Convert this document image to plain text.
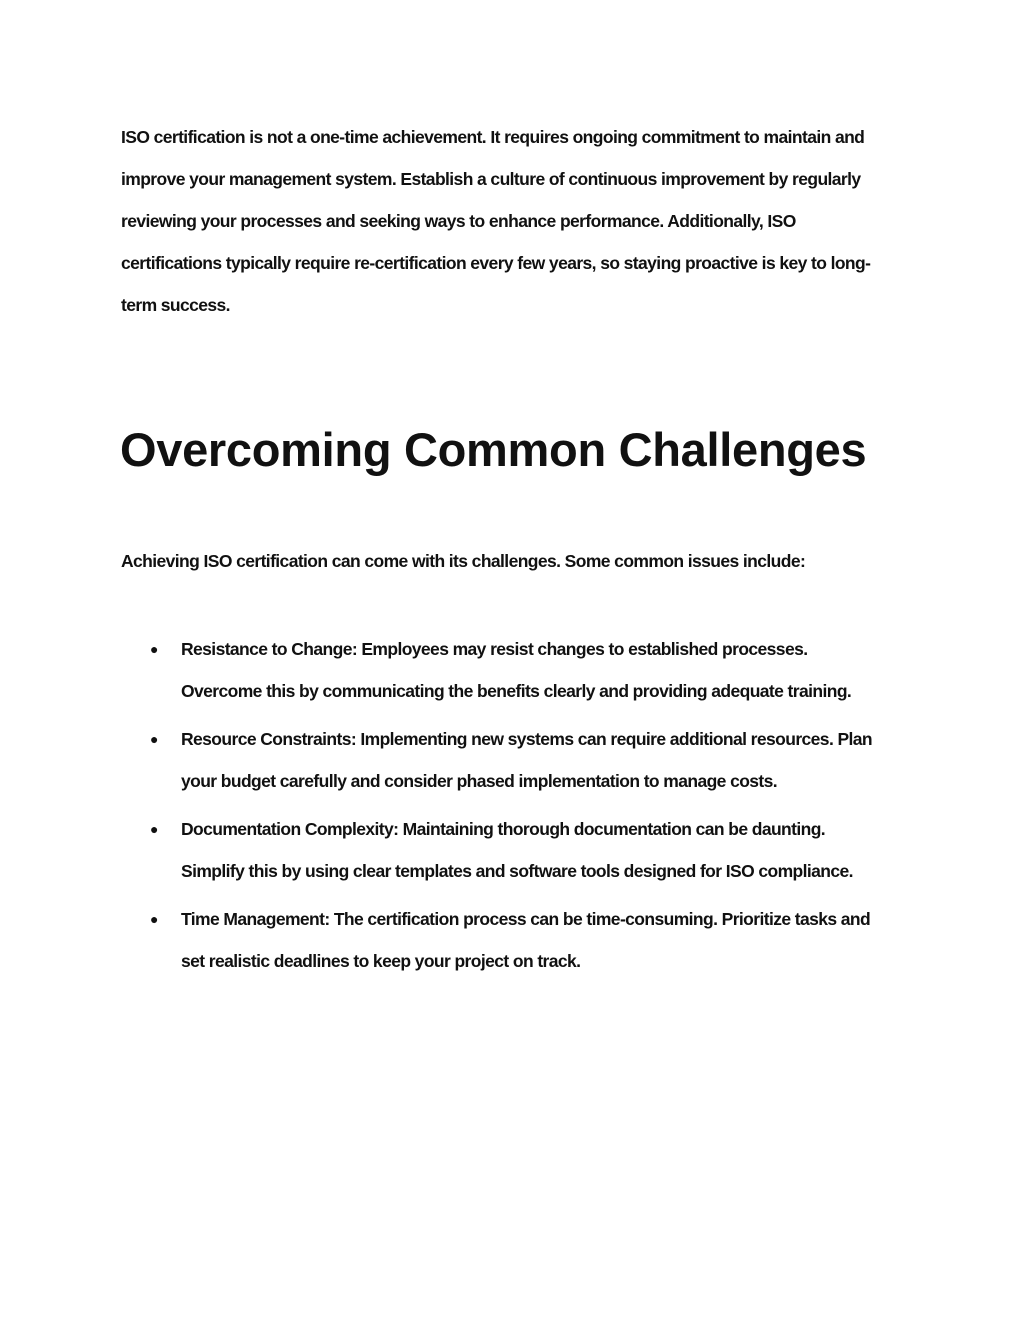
ISO certification is not a one-time achievement. It requires ongoing commitment to maintain and improve your management system. Establish a culture of continuous improvement by regularly reviewing your processes and seeking ways to enhance performance. Additionally, ISO certifications typically require re-certification every few years, so staying proactive is key to long-term success.

Overcoming Common Challenges

Achieving ISO certification can come with its challenges. Some common issues include:

● Resistance to Change: Employees may resist changes to established processes. Overcome this by communicating the benefits clearly and providing adequate training.
● Resource Constraints: Implementing new systems can require additional resources. Plan your budget carefully and consider phased implementation to manage costs.
● Documentation Complexity: Maintaining thorough documentation can be daunting. Simplify this by using clear templates and software tools designed for ISO compliance.
● Time Management: The certification process can be time-consuming. Prioritize tasks and set realistic deadlines to keep your project on track.
